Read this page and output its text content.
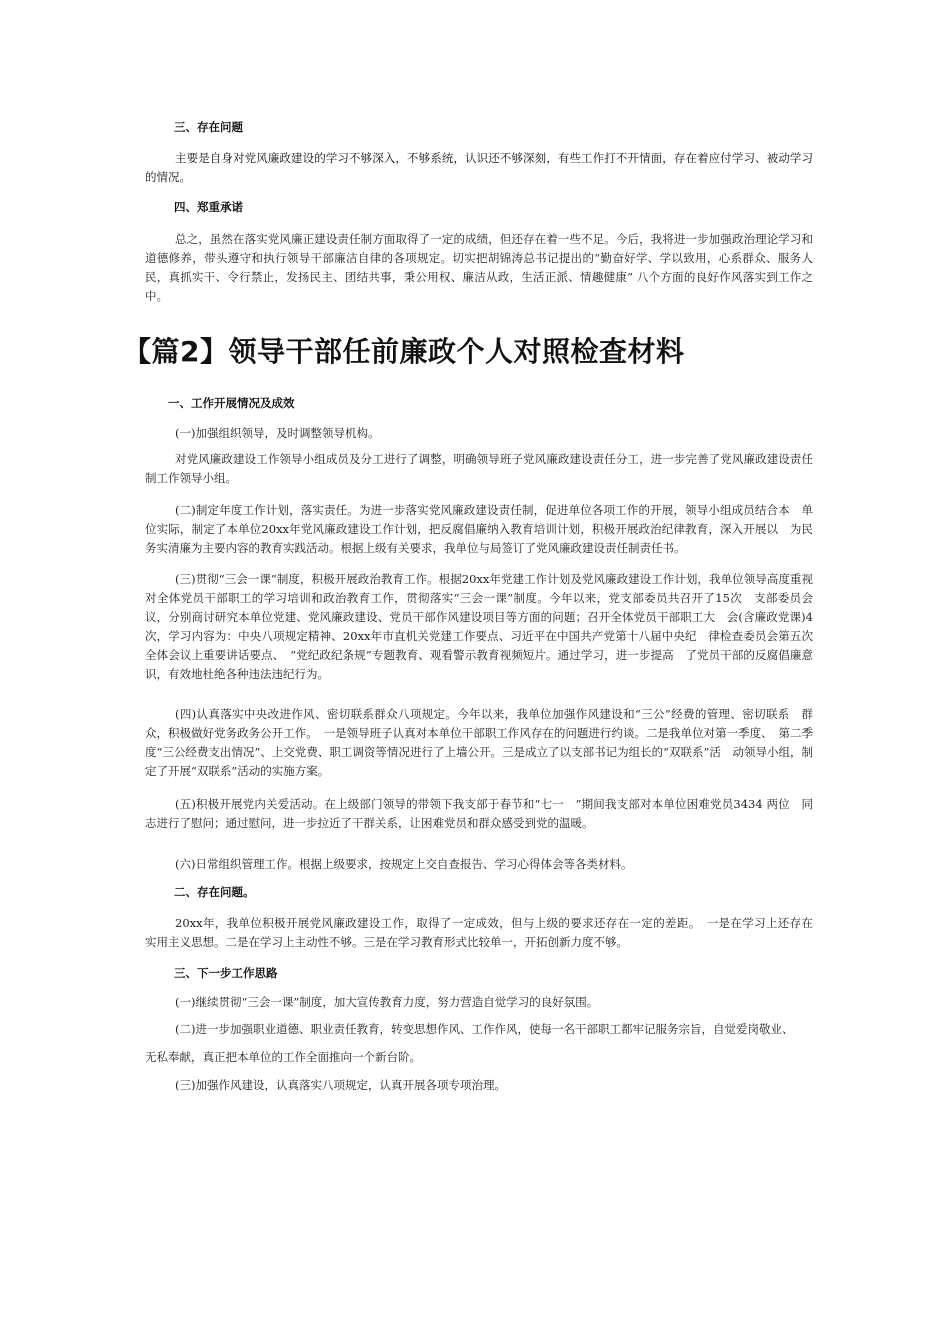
三、存在问题
主要是自身对党风廉政建设的学习不够深入，不够系统，认识还不够深刻，有些工作打不开情面，存在着应付学习、被动学习的情况。
四、郑重承诺
总之，虽然在落实党风廉正建设责任制方面取得了一定的成绩，但还存在着一些不足。今后，我将进一步加强政治理论学习和道德修养，带头遵守和执行领导干部廉洁自律的各项规定。切实把胡锦涛总书记提出的“勤奋好学、学以致用，心系群众、服务人民，真抓实干、令行禁止，发扬民主、团结共事，秉公用权、廉洁从政，生活正派、情趣健康” 八个方面的良好作风落实到工作之中。
【篇2】领导干部任前廉政个人对照检查材料
一、工作开展情况及成效
(一)加强组织领导，及时调整领导机构。
对党风廉政建设工作领导小组成员及分工进行了调整，明确领导班子党风廉政建设责任分工，进一步完善了党风廉政建设责任制工作领导小组。
(二)制定年度工作计划，落实责任。为进一步落实党风廉政建设责任制，促进单位各项工作的开展，领导小组成员结合本　单位实际，制定了本单位20xx年党风廉政建设工作计划，把反腐倡廉纳入教育培训计划，积极开展政治纪律教育，深入开展以　为民务实清廉为主要内容的教育实践活动。根据上级有关要求，我单位与局签订了党风廉政建设责任制责任书。
(三)贯彻“三会一课”制度，积极开展政治教育工作。根据20xx年党建工作计划及党风廉政建设工作计划，我单位领导高度重视对全体党员干部职工的学习培训和政治教育工作，贯彻落实“三会一课”制度。今年以来，党支部委员共召开了15次　支部委员会议，分别商讨研究本单位党建、党风廉政建设、党员干部作风建设项目等方面的问题；召开全体党员干部职工大　会(含廉政党课)4次，学习内容为：中央八项规定精神、20xx年市直机关党建工作要点、习近平在中国共产党第十八届中央纪　律检查委员会第五次全体会议上重要讲话要点、　“党纪政纪条规”专题教育、观看警示教育视频短片。通过学习，进一步提高　了党员干部的反腐倡廉意识，有效地杜绝各种违法违纪行为。
(四)认真落实中央改进作风、密切联系群众八项规定。今年以来，我单位加强作风建设和“三公”经费的管理、密切联系　群众，积极做好党务政务公开工作。　一是领导班子认真对本单位干部职工作风存在的问题进行约谈。二是我单位对第一季度、　第二季度“三公经费支出情况”、上交党费、职工调资等情况进行了上墙公开。三是成立了以支部书记为组长的“双联系”活　动领导小组，制定了开展“双联系”活动的实施方案。
(五)积极开展党内关爱活动。在上级部门领导的带领下我支部于春节和“七一　”期间我支部对本单位困难党员3434 两位　同志进行了慰问；通过慰问，进一步拉近了干群关系，让困难党员和群众感受到党的温暖。
(六)日常组织管理工作。根据上级要求，按规定上交自查报告、学习心得体会等各类材料。
二、存在问题。
20xx年，我单位积极开展党风廉政建设工作，取得了一定成效，但与上级的要求还存在一定的差距。　一是在学习上还存在　实用主义思想。二是在学习上主动性不够。三是在学习教育形式比较单一，开拓创新力度不够。
三、下一步工作思路
(一)继续贯彻“三会一课”制度，加大宣传教育力度，努力营造自觉学习的良好氛围。
(二)进一步加强职业道德、职业责任教育，转变思想作风、工作作风，使每一名干部职工都牢记服务宗旨，自觉爱岗敬业、
无私奉献，真正把本单位的工作全面推向一个新台阶。
(三)加强作风建设，认真落实八项规定，认真开展各项专项治理。
